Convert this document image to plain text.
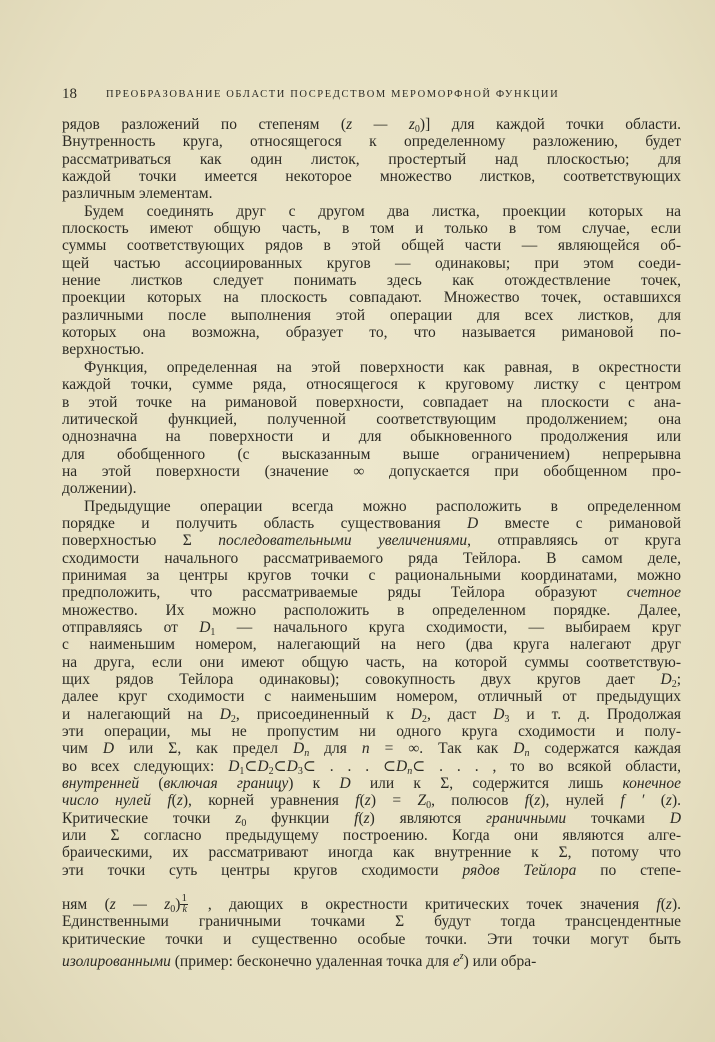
18	ПРЕОБРАЗОВАНИЕ ОБЛАСТИ ПОСРЕДСТВОМ МЕРОМОРФНОЙ ФУНКЦИИ
рядов разложений по степеням (z — $z_0$)] для каждой точки области.
Внутренность круга, относящегося к определенному разложению, будет
рассматриваться как один листок, простертый над плоскостью; для
каждой точки имеется некоторое множество листков, соответствующих
различным элементам.
Будем соединять друг с другом два листка, проекции которых на
плоскость имеют общую часть, в том и только в том случае, если
суммы соответствующих рядов в этой общей части — являющейся об-
щей частью ассоциированных кругов — одинаковы; при этом соеди-
нение листков следует понимать здесь как отождествление точек,
проекции которых на плоскость совпадают. Множество точек, оставшихся
различными после выполнения этой операции для всех листков, для
которых она возможна, образует то, что называется римановой по-
верхностью.
Функция, определенная на этой поверхности как равная, в окрестности
каждой точки, сумме ряда, относящегося к круговому листку с центром
в этой точке на римановой поверхности, совпадает на плоскости с ана-
литической функцией, полученной соответствующим продолжением; она
однозначна на поверхности и для обыкновенного продолжения или
для обобщенного (с высказанным выше ограничением) непрерывна
на этой поверхности (значение ∞ допускается при обобщенном про-
должении).
Предыдущие операции всегда можно расположить в определенном
порядке и получить область существования D вместе с римановой
поверхностью Σ последовательными увеличениями, отправляясь от круга
сходимости начального рассматриваемого ряда Тейлора. В самом деле,
принимая за центры кругов точки с рациональными координатами, можно
предположить, что рассматриваемые ряды Тейлора образуют счетное
множество. Их можно расположить в определенном порядке. Далее,
отправляясь от $D_1$ — начального круга сходимости, — выбираем круг
с наименьшим номером, налегающий на него (два круга налегают друг
на друга, если они имеют общую часть, на которой суммы соответствую-
щих рядов Тейлора одинаковы); совокупность двух кругов дает $D_2$;
далее круг сходимости с наименьшим номером, отличный от предыдущих
и налегающий на $D_2$, присоединенный к $D_2$, даст $D_3$ и т. д. Продолжая
эти операции, мы не пропустим ни одного круга сходимости и полу-
чим D или Σ, как предел Dn для n = ∞. Так как Dn содержатся каждая
во всех следующих: $D_1\subset D_2\subset D_3\subset$ . . . ⊂Dn⊂ . . . , то во всякой области,
внутренней (включая границу) к D или к Σ, содержится лишь конечное
число нулей f(z), корней уравнения $f(z) = Z_0$, полюсов f(z), нулей f ′ (z).
Критические точки $z_0$ функции f(z) являются граничными точками D
или Σ согласно предыдущему построению. Когда они являются алге-
браическими, их рассматривают иногда как внутренние к Σ, потому что
эти точки суть центры кругов сходимости рядов Тейлора по степе-
ням (z — $z_0$) 1
k , дающих в окрестности критических точек значения f(z).
Единственными граничными точками Σ будут тогда трансцендентные
критические точки и существенно особые точки. Эти точки могут быть
изолированными (пример: бесконечно удаленная точка для $e^z$) или обра-
